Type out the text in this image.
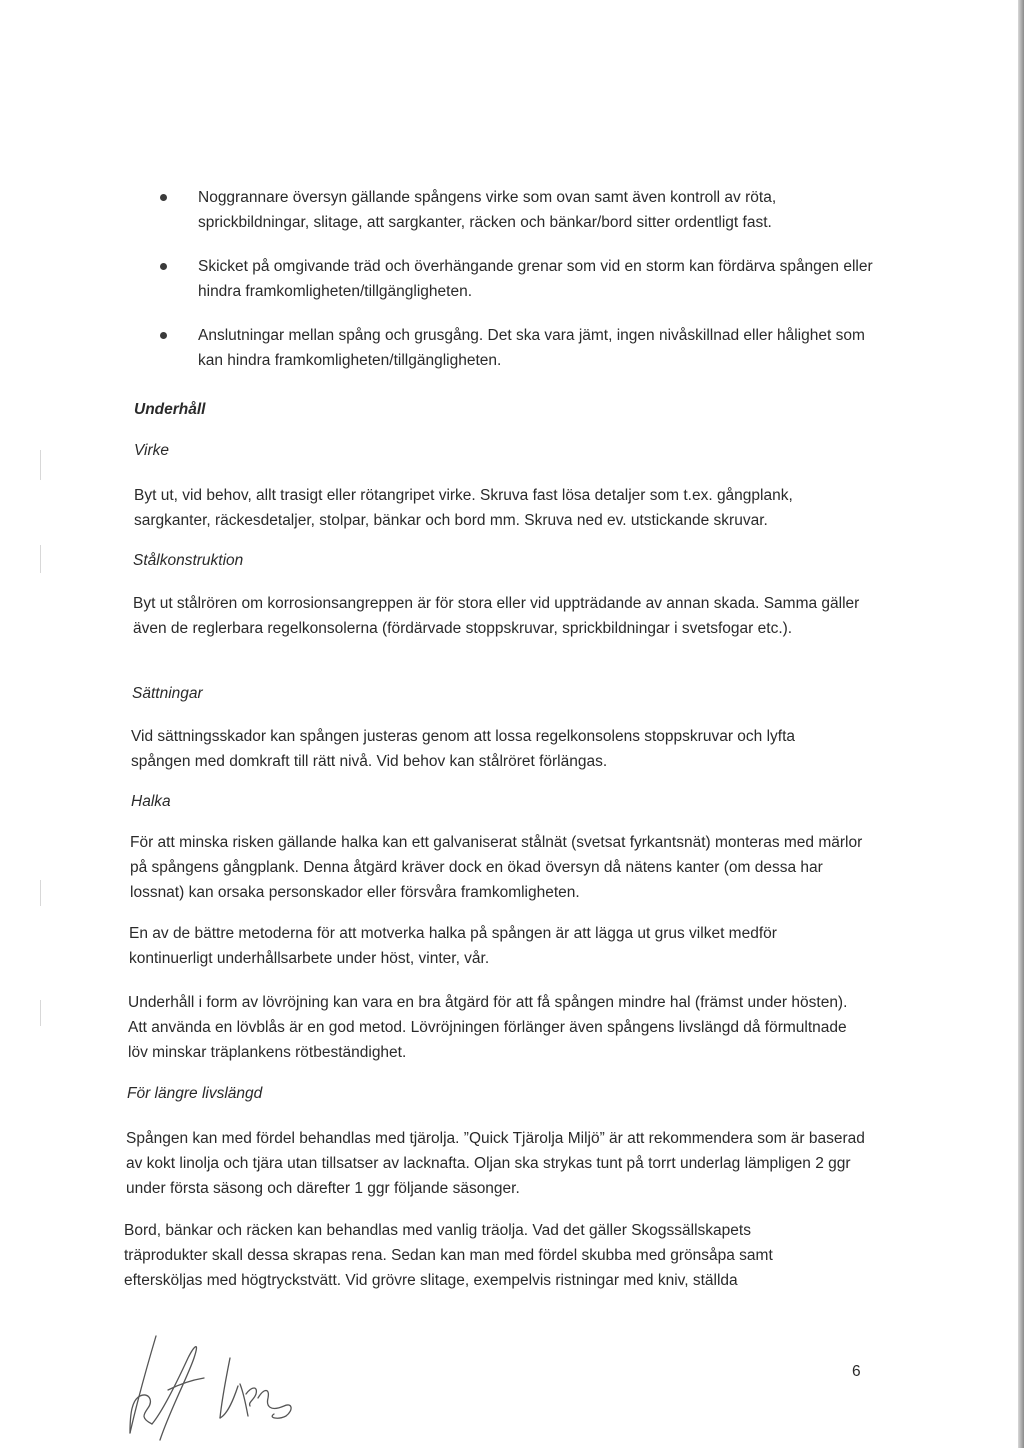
Noggrannare översyn gällande spångens virke som ovan samt även kontroll av röta, sprickbildningar, slitage, att sargkanter, räcken och bänkar/bord sitter ordentligt fast.
Skicket på omgivande träd och överhängande grenar som vid en storm kan fördärva spången eller hindra framkomligheten/tillgängligheten.
Anslutningar mellan spång och grusgång. Det ska vara jämt, ingen nivåskillnad eller hålighet som kan hindra framkomligheten/tillgängligheten.
Underhåll
Virke

Byt ut, vid behov, allt trasigt eller rötangripet virke. Skruva fast lösa detaljer som t.ex. gångplank, sargkanter, räckesdetaljer, stolpar, bänkar och bord mm. Skruva ned ev. utstickande skruvar.

Stålkonstruktion

Byt ut stålrören om korrosionsangreppen är för stora eller vid uppträdande av annan skada. Samma gäller även de reglerbara regelkonsolerna (fördärvade stoppskruvar, sprickbildningar i svetsfogar etc.).

Sättningar

Vid sättningsskador kan spången justeras genom att lossa regelkonsolens stoppskruvar och lyfta spången med domkraft till rätt nivå. Vid behov kan stålröret förlängas.

Halka

För att minska risken gällande halka kan ett galvaniserat stålnät (svetsat fyrkantsnät) monteras med märlor på spångens gångplank. Denna åtgärd kräver dock en ökad översyn då nätens kanter (om dessa har lossnat) kan orsaka personskador eller försvåra framkomligheten.

En av de bättre metoderna för att motverka halka på spången är att lägga ut grus vilket medför kontinuerligt underhållsarbete under höst, vinter, vår.

Underhåll i form av lövröjning kan vara en bra åtgärd för att få spången mindre hal (främst under hösten). Att använda en lövblås är en god metod. Lövröjningen förlänger även spångens livslängd då förmultnade löv minskar träplankens rötbeständighet.

För längre livslängd

Spången kan med fördel behandlas med tjärolja. ”Quick Tjärolja Miljö” är att rekommendera som är baserad av kokt linolja och tjära utan tillsatser av lacknafta. Oljan ska strykas tunt på torrt underlag lämpligen 2 ggr under första säsong och därefter 1 ggr följande säsonger.

Bord, bänkar och räcken kan behandlas med vanlig träolja. Vad det gäller Skogssällskapets träprodukter skall dessa skrapas rena. Sedan kan man med fördel skubba med grönsåpa samt eftersköljas med högtryckstvätt. Vid grövre slitage, exempelvis ristningar med kniv, ställda

6
